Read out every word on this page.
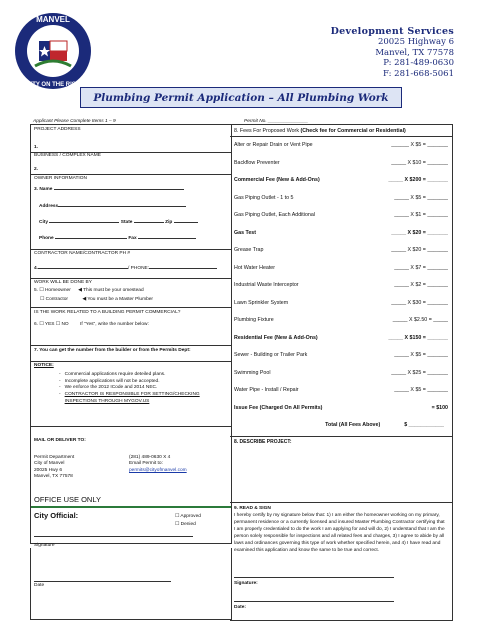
MANVEL
CITY ON THE RISE
Development Services
20025 Highway 6
Manvel, TX 77578
P: 281-489-0630
F: 281-668-5061
Plumbing Permit Application – All Plumbing Work
Applicant Please Complete Items 1 – 9	Permit No. _______________
PROJECT ADDRESS
1.
BUSINESS / COMPLEX NAME
2.
OWNER INFORMATION
3. Name
Address
City	State	Zip
Phone	Fax
CONTRACTOR NAME/CONTRACTOR PH #
4.	/ PHONE:
WORK WILL BE DONE BY
5. ☐ Homeowner ◀ This must be your omestead
☐ Contractor	◀ You must be a Master Plumber
IS THE WORK RELATED TO A BUILDING PERMIT COMMERCIAL?
6. ☐ YES ☐ NO If "Yes", write the number below:
7. You can get the number from the builder or from the Permits Dept:
NOTICE:
-   Commercial applications require deteiled plans.
-   Incomplete applications will not be accepted.
-   We enforce the 2012 ICode and 2014 NEC.
- CONTRACTOR IS RESPONSIBLE FOR SETTING/CHECKING INSPECTIONS THROUGH MYGOV.US
MAIL OR DELIVER TO:
Permit Department
City of Manvel
20025 Hwy 6
Manvel, TX 77578
(281) 489-0630 X 4
Email Permit to:
permits@cityofmanvel.com
OFFICE USE ONLY
City Official:	☐ Approved
☐ Denied
Signature
Date
8. Fees For Proposed Work (Check fee for Commercial or Residential)
Alter or Repair Drain or Vent Pipe	______ X $5 = _______
Backflow Preventer	_____ X $10 = _______
Commercial Fee (New & Add-Ons)	_____ X $200 = _______
Gas Piping Outlet - 1 to 5	_____ X $5 = _______
Gas Piping Outlet, Each Additional	_____ X $1 = _______
Gas Test	_____ X $20 = _______
Grease Trap	_____ X $20 = _______
Hot Water Heater	_____ X $7 = _______
Industrial Waste Interceptor	_____ X $2 = _______
Lawn Sprinkler System	_____ X $30 = _______
Plumbing Fixture	_____ X $2.50 = _____
Residential Fee (New & Add-Ons)	_____ X $150 = _______
Sewer - Building or Trailer Park	_____ X $5 = _______
Swimming Pool	_____ X $25 = _______
Water Pipe - Install / Repair	_____ X $5 = _______
Issue Fee (Charged On All Permits)	= $100
Total (All Fees Above)	$ ____________
8. DESCRIBE PROJECT:
9. READ & SIGN
I hereby certify by my signature below that: 1) I am either the homeowner working on my primary, permanent residence or a currently licensed and insured Master Plumbing Contractor certifying that I am properly credentialed to do the work I am applying for and will do, 2) I understand that I am the person solely responsible for inspections and all related fees and charges, 3) I agree to abide by all laws and ordinances governing this type of work whether specified herein, and 4) I have read and examined this application and know the same to be true and correct.
Signature:
Date:
